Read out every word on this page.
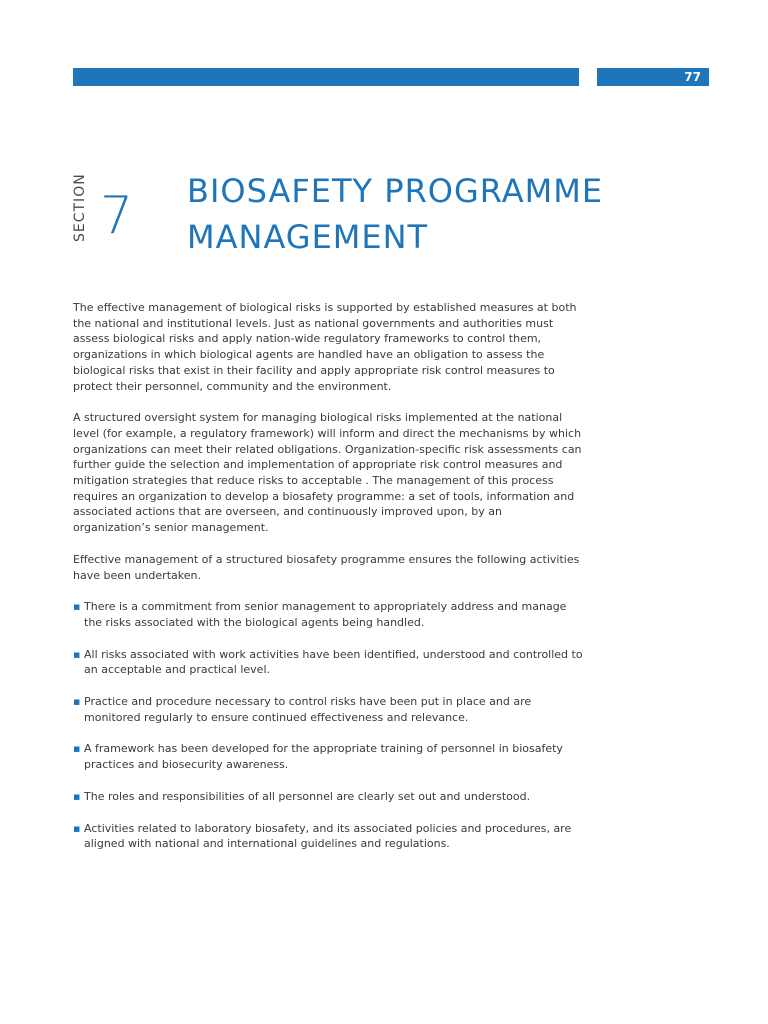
77
SECTION 7 BIOSAFETY PROGRAMME MANAGEMENT

The effective management of biological risks is supported by established measures at both the national and institutional levels. Just as national governments and authorities must assess biological risks and apply nation-wide regulatory frameworks to control them, organizations in which biological agents are handled have an obligation to assess the biological risks that exist in their facility and apply appropriate risk control measures to protect their personnel, community and the environment.

A structured oversight system for managing biological risks implemented at the national level (for example, a regulatory framework) will inform and direct the mechanisms by which organizations can meet their related obligations. Organization-specific risk assessments can further guide the selection and implementation of appropriate risk control measures and mitigation strategies that reduce risks to acceptable . The management of this process requires an organization to develop a biosafety programme: a set of tools, information and associated actions that are overseen, and continuously improved upon, by an organization’s senior management.

Effective management of a structured biosafety programme ensures the following activities have been undertaken.

▪ There is a commitment from senior management to appropriately address and manage the risks associated with the biological agents being handled.
▪ All risks associated with work activities have been identified, understood and controlled to an acceptable and practical level.
▪ Practice and procedure necessary to control risks have been put in place and are monitored regularly to ensure continued effectiveness and relevance.
▪ A framework has been developed for the appropriate training of personnel in biosafety practices and biosecurity awareness.
▪ The roles and responsibilities of all personnel are clearly set out and understood.
▪ Activities related to laboratory biosafety, and its associated policies and procedures, are aligned with national and international guidelines and regulations.
